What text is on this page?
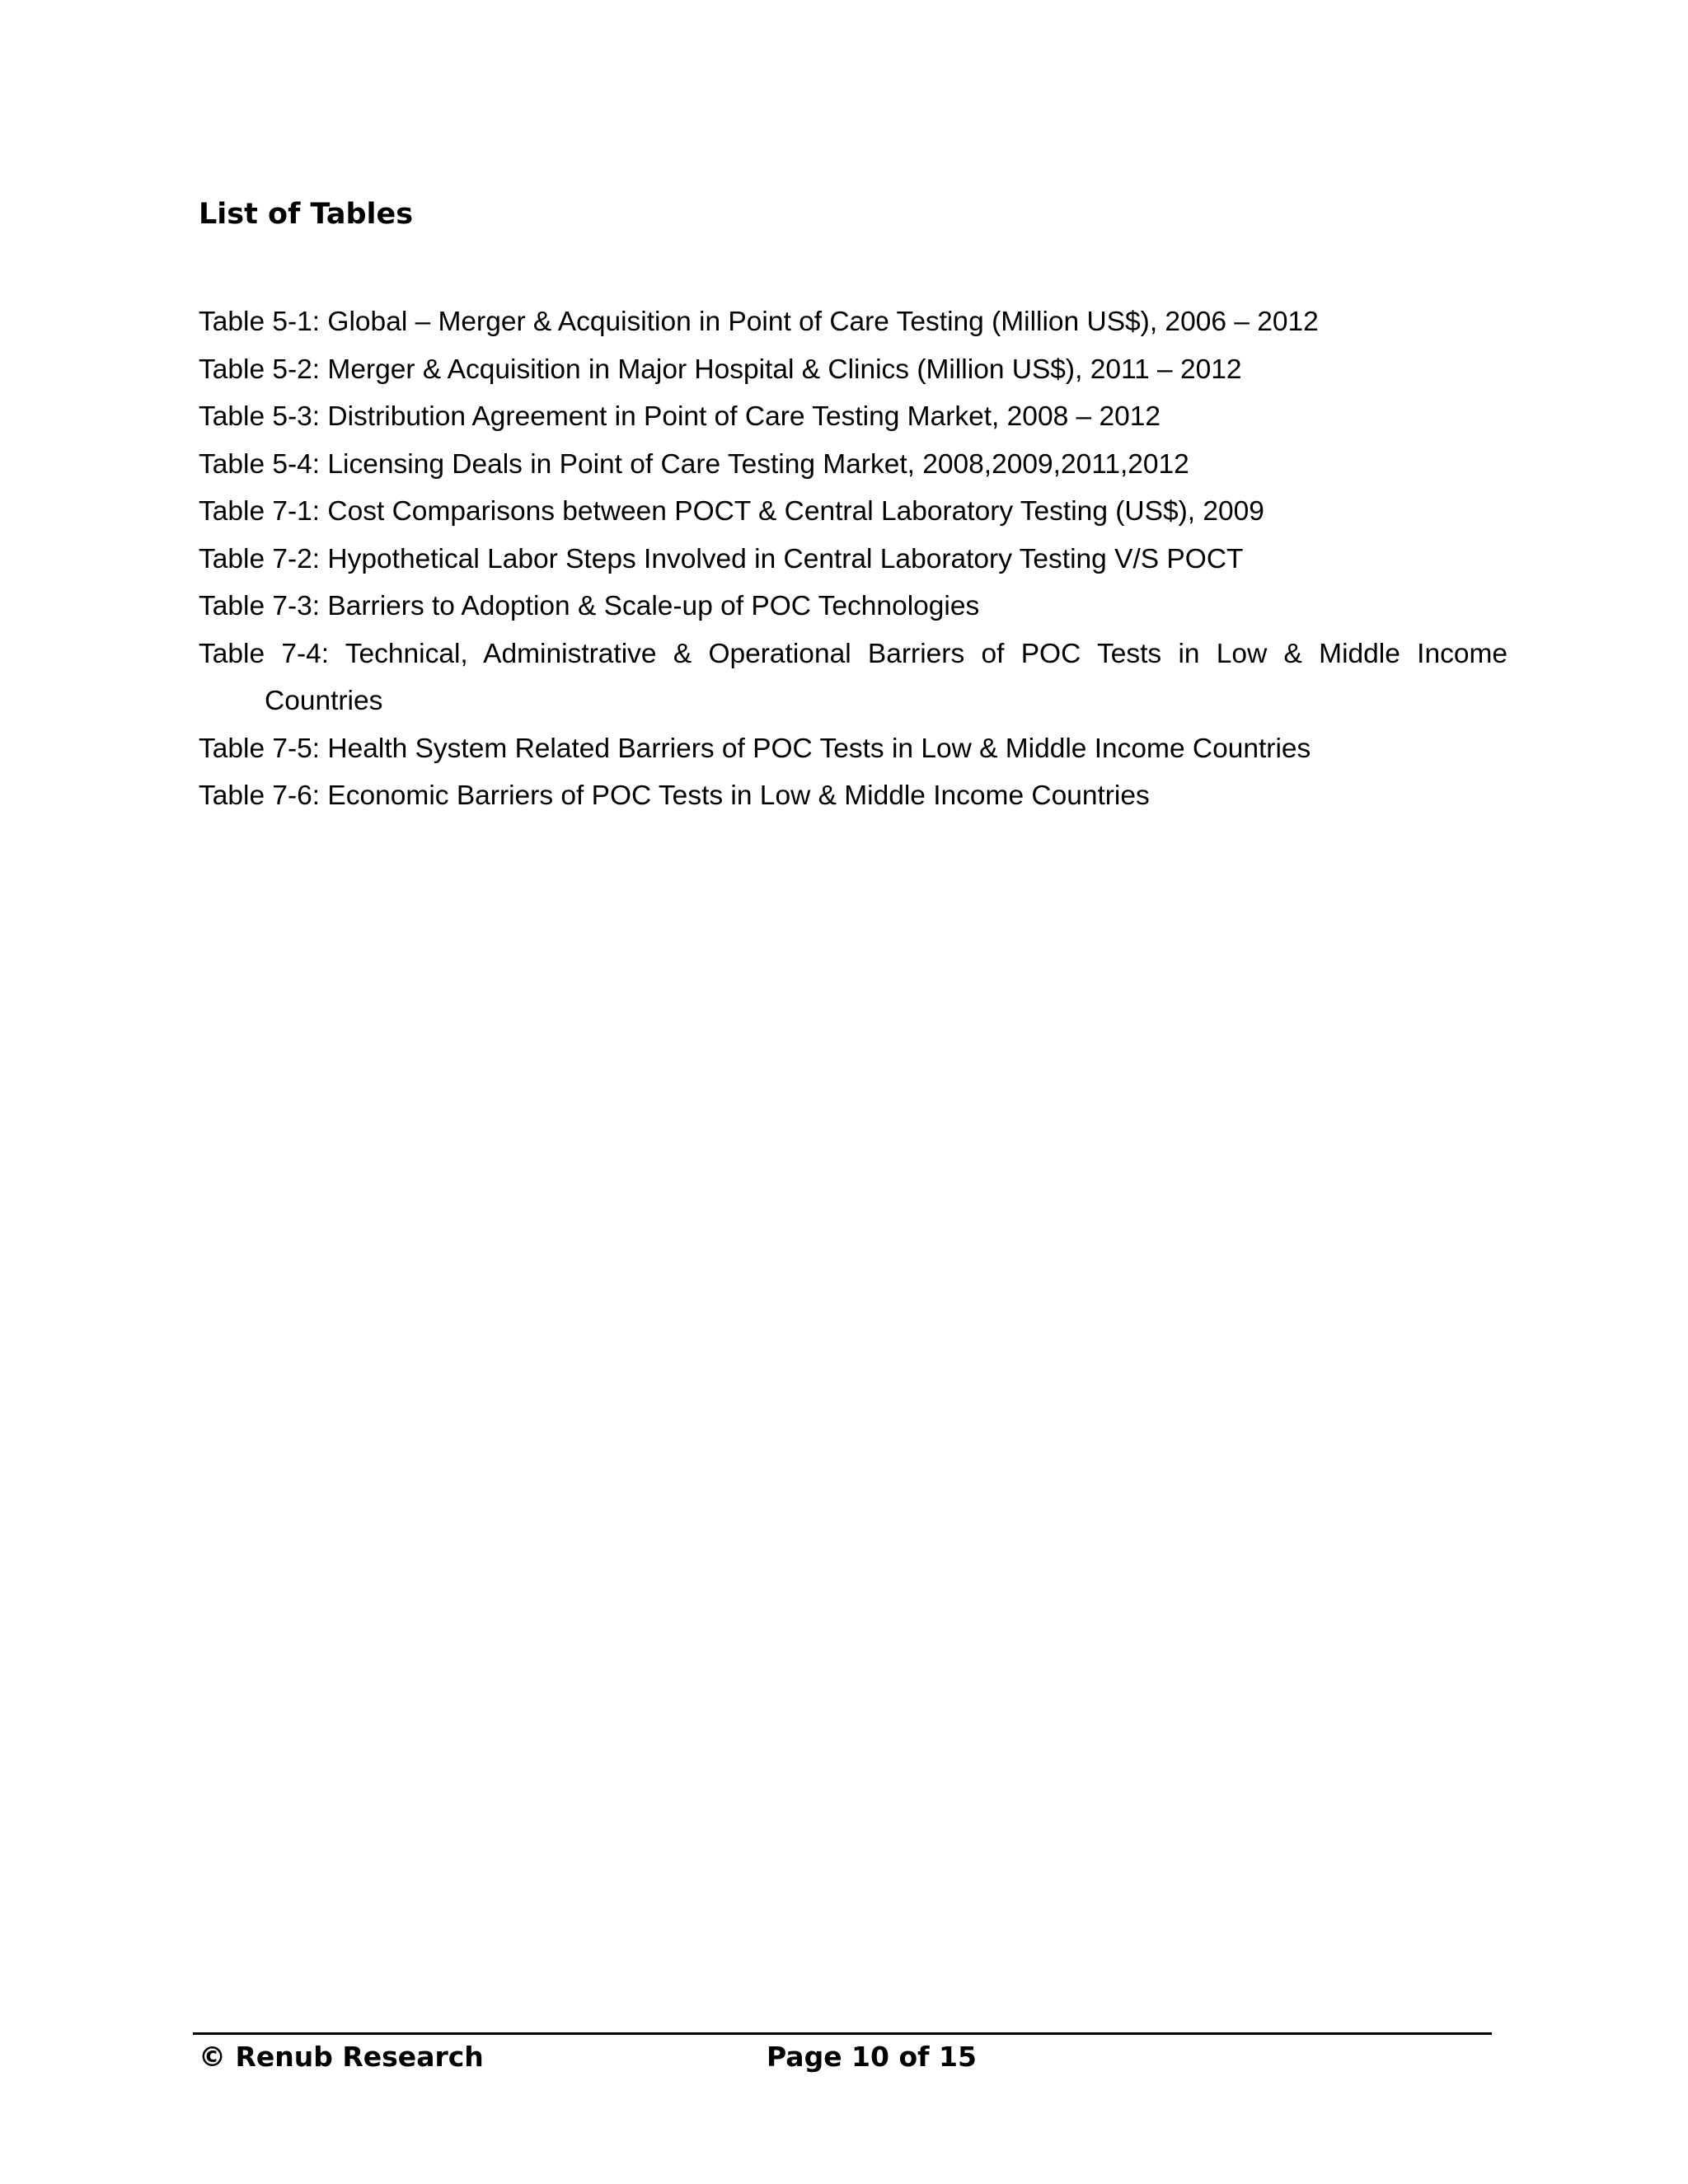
List of Tables
Table 5-1: Global – Merger & Acquisition in Point of Care Testing (Million US$), 2006 – 2012
Table 5-2: Merger & Acquisition in Major Hospital & Clinics (Million US$), 2011 – 2012
Table 5-3: Distribution Agreement in Point of Care Testing Market, 2008 – 2012
Table 5-4: Licensing Deals in Point of Care Testing Market, 2008,2009,2011,2012
Table 7-1: Cost Comparisons between POCT & Central Laboratory Testing (US$), 2009
Table 7-2: Hypothetical Labor Steps Involved in Central Laboratory Testing V/S POCT
Table 7-3: Barriers to Adoption & Scale-up of POC Technologies
Table 7-4: Technical, Administrative & Operational Barriers of POC Tests in Low & Middle Income
Countries
Table 7-5: Health System Related Barriers of POC Tests in Low & Middle Income Countries
Table 7-6: Economic Barriers of POC Tests in Low & Middle Income Countries
© Renub Research	Page 10 of 15
